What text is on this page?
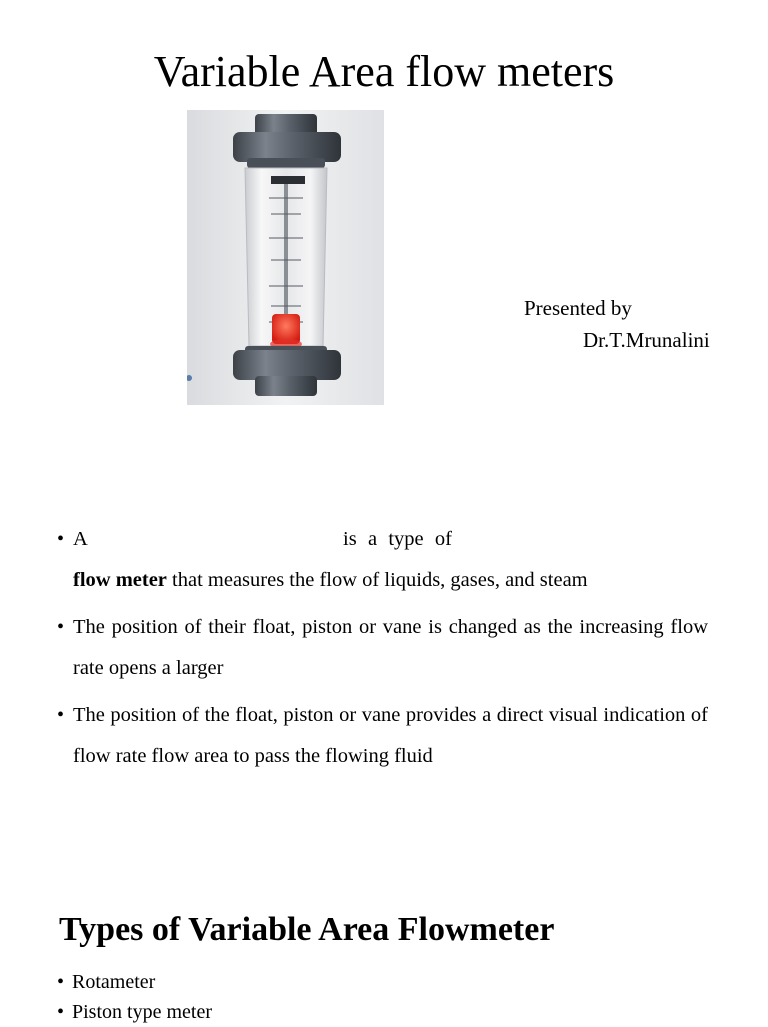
Variable Area flow meters
Presented by
Dr.T.Mrunalini
• A	is a type of
flow meter that measures the flow of liquids, gases, and steam
• The position of their float, piston or vane is changed as the increasing flow rate opens a larger
• The position of the float, piston or vane provides a direct visual indication of flow rate flow area to pass the flowing fluid
Types of Variable Area Flowmeter
• Rotameter
• Piston type meter
